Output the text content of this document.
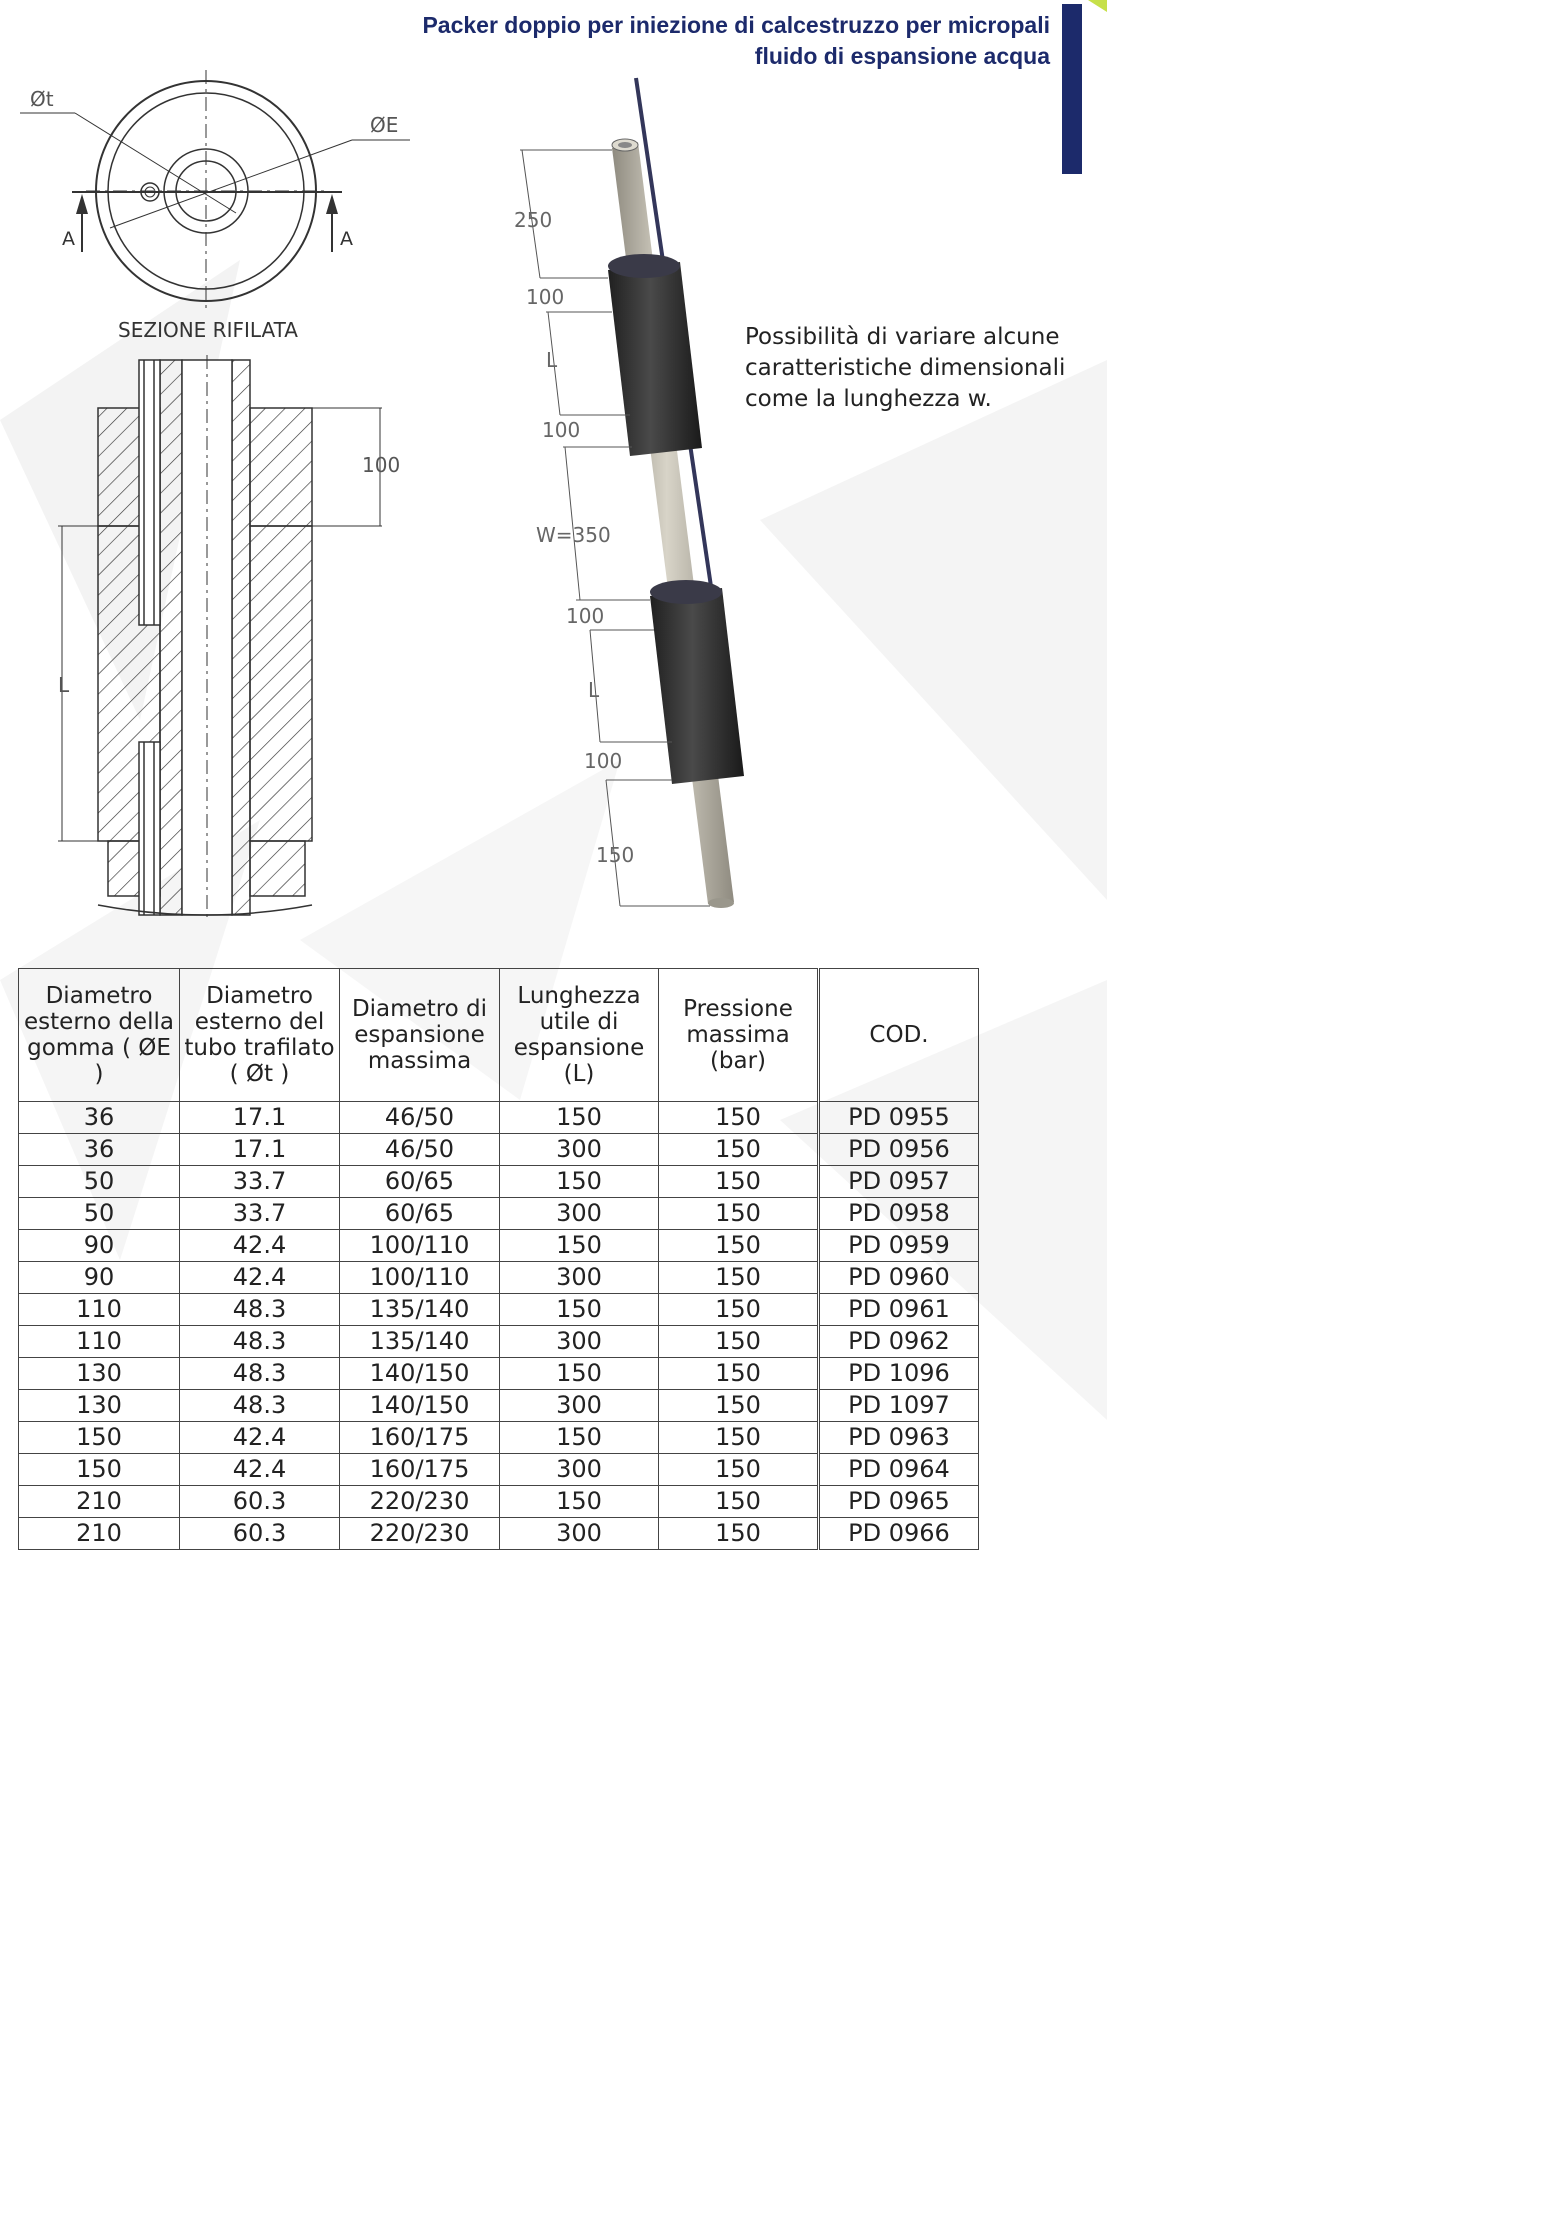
Packer doppio per iniezione di calcestruzzo per micropali
fluido di espansione acqua
Øt
ØE
A	A
SEZIONE RIFILATA
100
L
250
100
L
100
W=350
100
L
100
150
Possibilità di variare alcune caratteristiche dimensionali come la lunghezza w.
Diametro esterno della gomma ( ØE )	Diametro esterno del tubo trafilato ( Øt )	Diametro di espansione massima	Lunghezza utile di espansione (L)	Pressione massima (bar)	COD.
36	17.1	46/50	150	150	PD 0955
36	17.1	46/50	300	150	PD 0956
50	33.7	60/65	150	150	PD 0957
50	33.7	60/65	300	150	PD 0958
90	42.4	100/110	150	150	PD 0959
90	42.4	100/110	300	150	PD 0960
110	48.3	135/140	150	150	PD 0961
110	48.3	135/140	300	150	PD 0962
130	48.3	140/150	150	150	PD 1096
130	48.3	140/150	300	150	PD 1097
150	42.4	160/175	150	150	PD 0963
150	42.4	160/175	300	150	PD 0964
210	60.3	220/230	150	150	PD 0965
210	60.3	220/230	300	150	PD 0966
